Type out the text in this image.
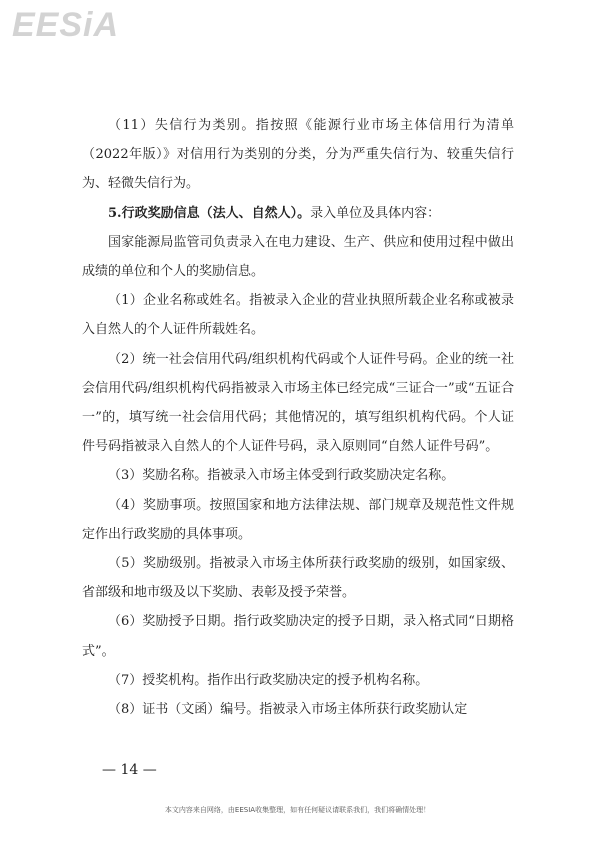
EESiA

（11）失信行为类别。指按照《能源行业市场主体信用行为清单（2022年版）》对信用行为类别的分类，分为严重失信行为、较重失信行为、轻微失信行为。

5.行政奖励信息（法人、自然人）。录入单位及具体内容：

国家能源局监管司负责录入在电力建设、生产、供应和使用过程中做出成绩的单位和个人的奖励信息。

（1）企业名称或姓名。指被录入企业的营业执照所载企业名称或被录入自然人的个人证件所载姓名。

（2）统一社会信用代码/组织机构代码或个人证件号码。企业的统一社会信用代码/组织机构代码指被录入市场主体已经完成“三证合一”或“五证合一”的，填写统一社会信用代码；其他情况的，填写组织机构代码。个人证件号码指被录入自然人的个人证件号码，录入原则同“自然人证件号码”。

（3）奖励名称。指被录入市场主体受到行政奖励决定名称。

（4）奖励事项。按照国家和地方法律法规、部门规章及规范性文件规定作出行政奖励的具体事项。

（5）奖励级别。指被录入市场主体所获行政奖励的级别，如国家级、省部级和地市级及以下奖励、表彰及授予荣誉。

（6）奖励授予日期。指行政奖励决定的授予日期，录入格式同“日期格式”。

（7）授奖机构。指作出行政奖励决定的授予机构名称。

（8）证书（文函）编号。指被录入市场主体所获行政奖励认定

— 14 —
本文内容来自网络，由EESIA收集整理，如有任何疑议请联系我们，我们将确情处理！
